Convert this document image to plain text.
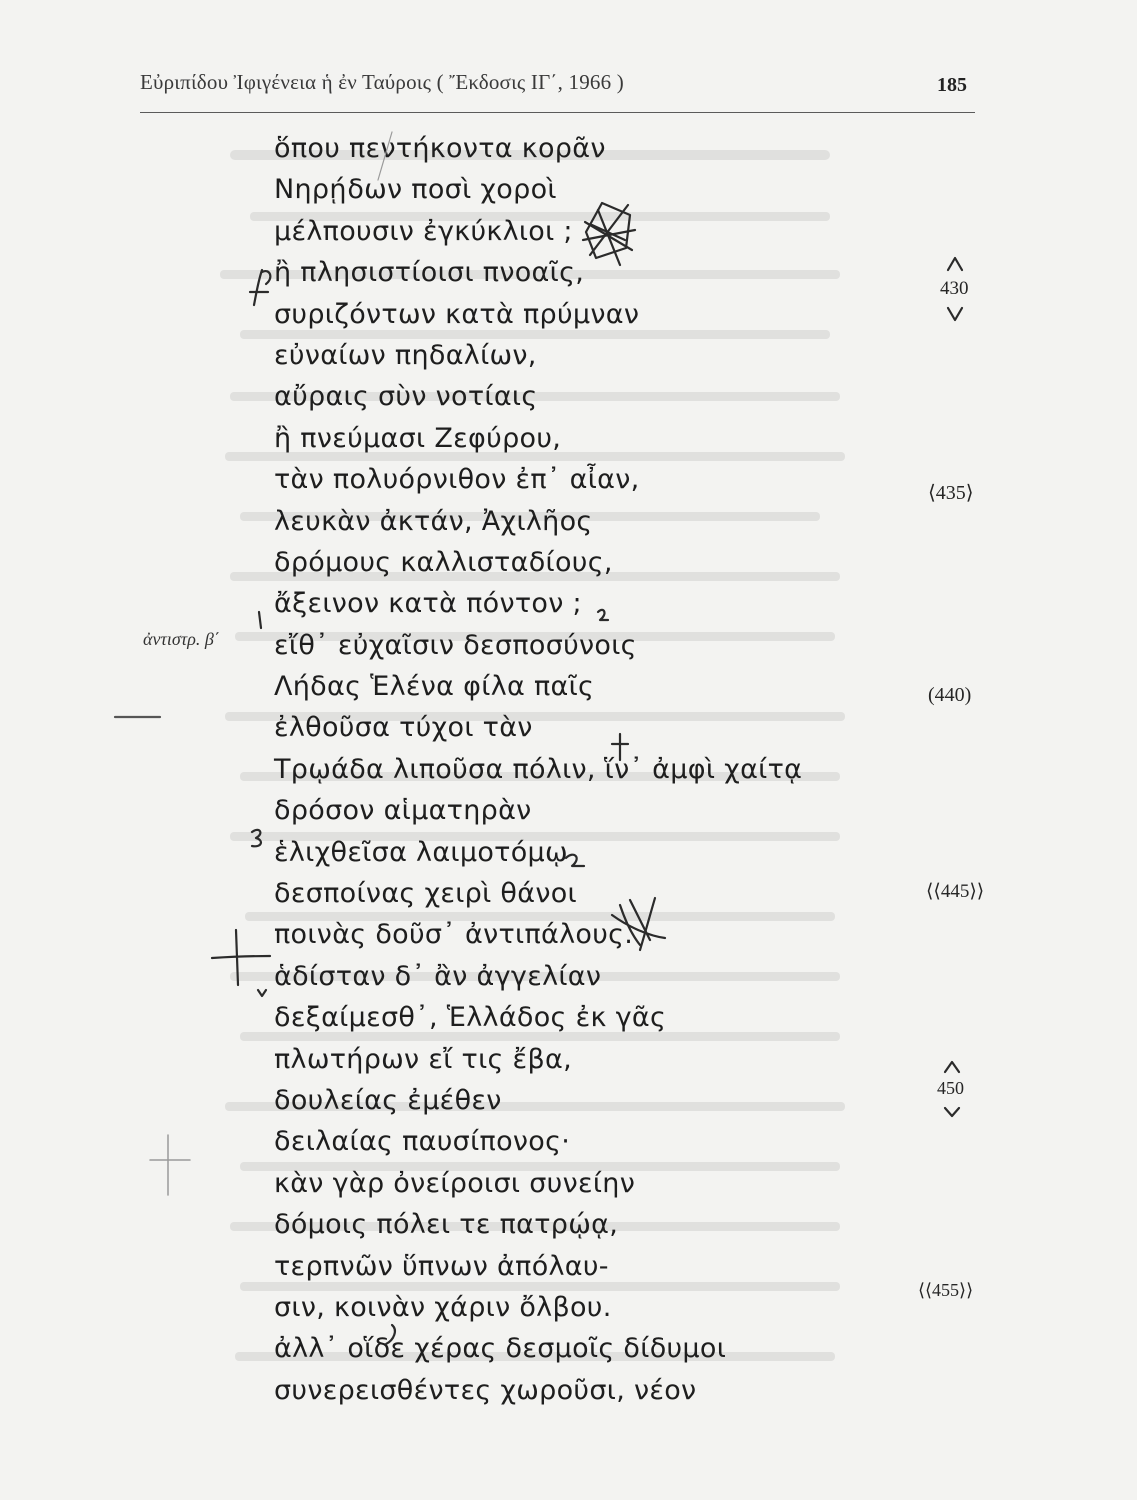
Εὐριπίδου Ἰφιγένεια ἡ ἐν Ταύροις ( Ἔκδοσις ΙΓ΄, 1966 )	185
ὅπου πεντήκοντα κορᾶν
Νηρῄδων ποσὶ χοροὶ
μέλπουσιν ἐγκύκλιοι ;
ἢ πλησιστίοισι πνοαῖς,
συριζόντων κατὰ πρύμναν
εὐναίων πηδαλίων,
αὔραις σὺν νοτίαις
ἢ πνεύμασι Ζεφύρου,
τὰν πολυόρνιθον ἐπ᾿ αἶαν,
λευκὰν ἀκτάν, Ἀχιλῆος
δρόμους καλλισταδίους,
ἄξεινον κατὰ πόντον ;
εἴθ᾿ εὐχαῖσιν δεσποσύνοις
Λήδας Ἑλένα φίλα παῖς
ἐλθοῦσα τύχοι τὰν
Τρῳάδα λιποῦσα πόλιν, ἵν᾿ ἀμφὶ χαίτᾳ
δρόσον αἱματηρὰν
ἑλιχθεῖσα λαιμοτόμῳ
δεσποίνας χειρὶ θάνοι
ποινὰς δοῦσ᾿ ἀντιπάλους.
ἁδίσταν δ᾿ ἂν ἀγγελίαν
δεξαίμεσθ᾿, Ἑλλάδος ἐκ γᾶς
πλωτήρων εἴ τις ἔβα,
δουλείας ἐμέθεν
δειλαίας παυσίπονος·
κὰν γὰρ ὀνείροισι συνείην
δόμοις πόλει τε πατρῴᾳ,
τερπνῶν ὕπνων ἀπόλαυ-
σιν, κοινὰν χάριν ὄλβου.
ἀλλ᾿ οἵδε χέρας δεσμοῖς δίδυμοι
συνερεισθέντες χωροῦσι, νέον
ἀντιστρ. β΄
430
⟨435⟩
(440)
⟨⟨445⟩⟩
450
⟨⟨455⟩⟩
